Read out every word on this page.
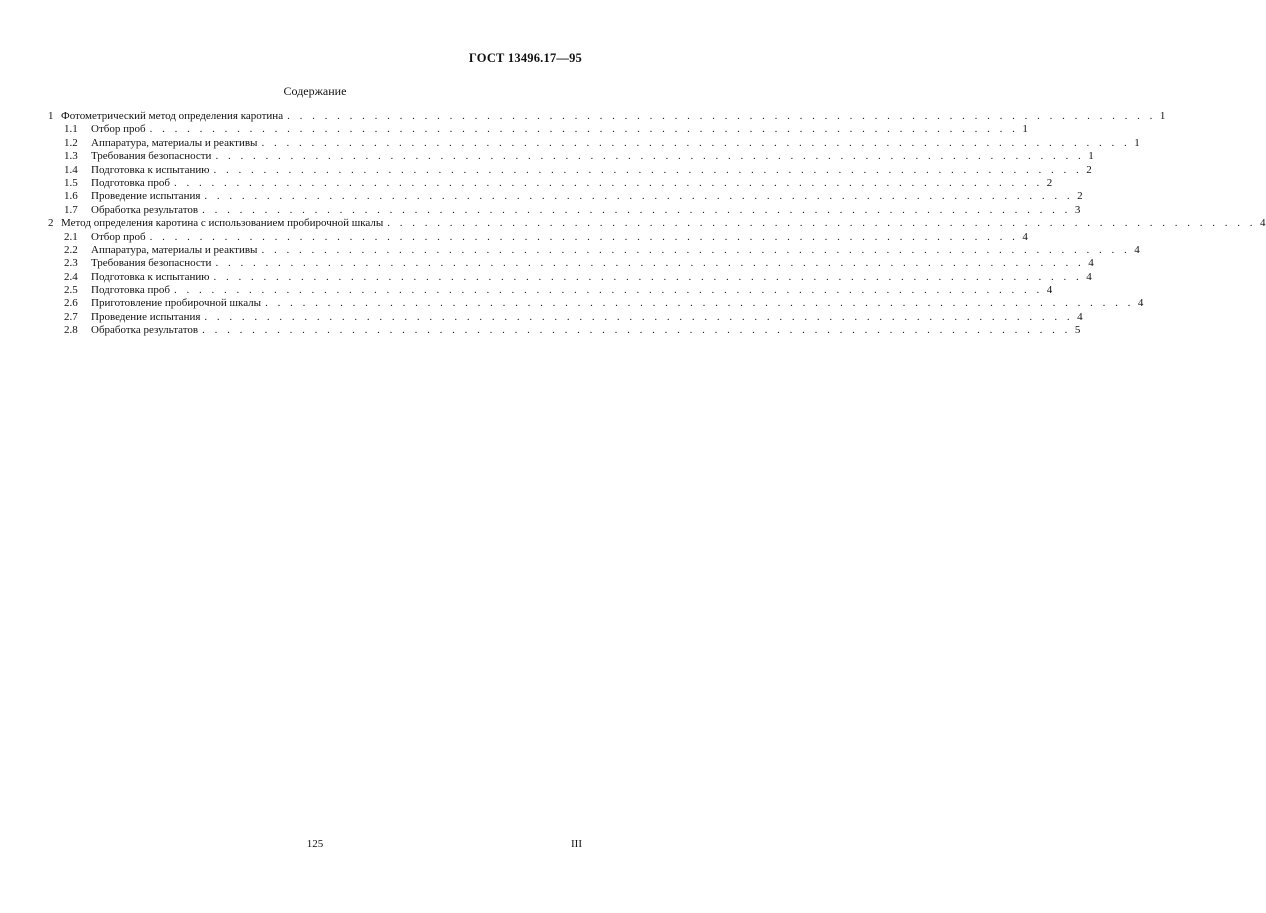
ГОСТ 13496.17—95
Содержание
1 Фотометрический метод определения каротина . . . . . . . . . . . . . . . . . . . . . . . . . . . . . . . . . . . . . . . . . . . . . . . . . . . . . . . . . . . . . . . . . . . . . . 1
1.1	Отбор проб . . . . . . . . . . . . . . . . . . . . . . . . . . . . . . . . . . . . . . . . . . . . . . . . . . . . . . . . . . . . . . . . . . . . . . 1
1.2	Аппаратура, материалы и реактивы . . . . . . . . . . . . . . . . . . . . . . . . . . . . . . . . . . . . . . . . . . . . . . . . . . . . . . . . . . . . . . . . . . . . . . 1
1.3	Требования безопасности . . . . . . . . . . . . . . . . . . . . . . . . . . . . . . . . . . . . . . . . . . . . . . . . . . . . . . . . . . . . . . . . . . . . . . 1
1.4	Подготовка к испытанию . . . . . . . . . . . . . . . . . . . . . . . . . . . . . . . . . . . . . . . . . . . . . . . . . . . . . . . . . . . . . . . . . . . . . . 2
1.5	Подготовка проб . . . . . . . . . . . . . . . . . . . . . . . . . . . . . . . . . . . . . . . . . . . . . . . . . . . . . . . . . . . . . . . . . . . . . . 2
1.6	Проведение испытания . . . . . . . . . . . . . . . . . . . . . . . . . . . . . . . . . . . . . . . . . . . . . . . . . . . . . . . . . . . . . . . . . . . . . . 2
1.7	Обработка результатов . . . . . . . . . . . . . . . . . . . . . . . . . . . . . . . . . . . . . . . . . . . . . . . . . . . . . . . . . . . . . . . . . . . . . . 3
2 Метод определения каротина с использованием пробирочной шкалы . . . . . . . . . . . . . . . . . . . . . . . . . . . . . . . . . . . . . . . . . . . . . . . . . . . . . . . . . . . . . . . . . . . . . . 4
2.1	Отбор проб . . . . . . . . . . . . . . . . . . . . . . . . . . . . . . . . . . . . . . . . . . . . . . . . . . . . . . . . . . . . . . . . . . . . . . 4
2.2	Аппаратура, материалы и реактивы . . . . . . . . . . . . . . . . . . . . . . . . . . . . . . . . . . . . . . . . . . . . . . . . . . . . . . . . . . . . . . . . . . . . . . 4
2.3	Требования безопасности . . . . . . . . . . . . . . . . . . . . . . . . . . . . . . . . . . . . . . . . . . . . . . . . . . . . . . . . . . . . . . . . . . . . . . 4
2.4	Подготовка к испытанию . . . . . . . . . . . . . . . . . . . . . . . . . . . . . . . . . . . . . . . . . . . . . . . . . . . . . . . . . . . . . . . . . . . . . . 4
2.5	Подготовка проб . . . . . . . . . . . . . . . . . . . . . . . . . . . . . . . . . . . . . . . . . . . . . . . . . . . . . . . . . . . . . . . . . . . . . . 4
2.6	Приготовление пробирочной шкалы . . . . . . . . . . . . . . . . . . . . . . . . . . . . . . . . . . . . . . . . . . . . . . . . . . . . . . . . . . . . . . . . . . . . . . 4
2.7	Проведение испытания . . . . . . . . . . . . . . . . . . . . . . . . . . . . . . . . . . . . . . . . . . . . . . . . . . . . . . . . . . . . . . . . . . . . . . 4
2.8	Обработка результатов . . . . . . . . . . . . . . . . . . . . . . . . . . . . . . . . . . . . . . . . . . . . . . . . . . . . . . . . . . . . . . . . . . . . . . 5
125	III
